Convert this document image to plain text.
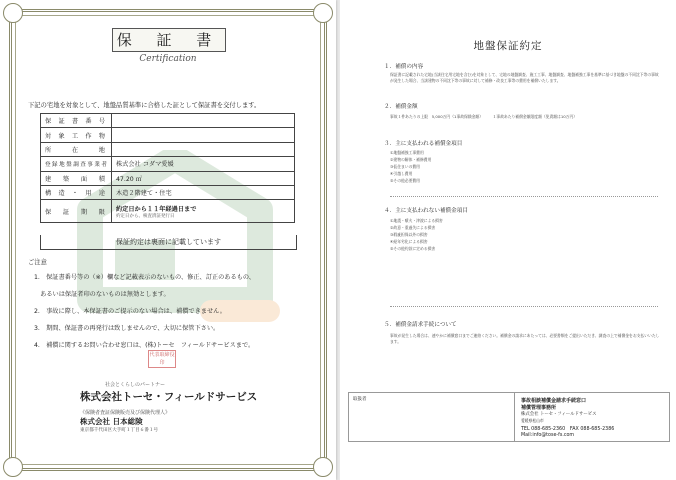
保 証 書
Certification
下記の宅地を対象として、地盤品質基準に合格した証として保証書を交付します。
保証書番号	
対象工作物	
所在地	
登録地盤調査事業者	株式会社 コダマ愛媛
建築面積	47.20 ㎡
構造・用途	木造２階建て・住宅
保証期限	約定日から１１年経過日まで
約定日から、検査済証発行日
保証約定は裏面に記載しています
ご注意
1.　保証書番号等の（※）欄など記載表示のないもの、修正、訂正のあるもの、
　あるいは保証者印のないものは無効とします。
2.　事故に際し、本保証書のご提示のない場合は、補償できません。
3.　期間、保証書の再発行は致しませんので、大切に保管下さい。
4.　補償に関するお問い合わせ窓口は、(株)トーセ　フィールドサービスまで。
代表取締役印
社会とくらしのパートナー
株式会社トーセ・フィールドサービス
《保険者査証保険販売及び保険代理人》
株式会社 日本総険
東京都千代田区大手町１丁目６番１号
地盤保証約定
１．補償の内容
保証書に記載された宅地(当該住宅用宅地を含む)を対象として、宅地の地盤調査、施工工事、地盤調査、地盤補強工事を基準に基づき地盤の不同沈下等の事故が発生した場合、当該建物の不同沈下等の事故に対して補修・改良工事等の費用を補償いたします。
２．補償金額
事故１件あたりの上限　5,000万円（1事故保険金額）　　　１事故あたり補償金額限度額（免責額は10万円）
３．主に支払われる補償金項目
①地盤補強工事費用
②建物の解体・補修費用
③仮住まいの費用
④引越し費用
⑤その他必要費用
４．主に支払われない補償金項目
①地震・噴火・津波による損害
②故意・重過失による損害
③瑕疵担保以外の損害
④経年劣化による損害
⑤その他約款に定める損害
５．補償金請求手続について
事故が発生した場合は、速やかに補償窓口までご連絡ください。補償金の請求にあたっては、必要書類をご提出いただき、調査の上で補償金をお支払いいたします。
取扱者	事故相談補償金請求手続窓口
補償管理事務所
株式会社 トーセ・フィールドサービス
愛媛県松山市
TEL 088-685-2360　FAX 088-685-2386
Mail:info@tose-fs.com
